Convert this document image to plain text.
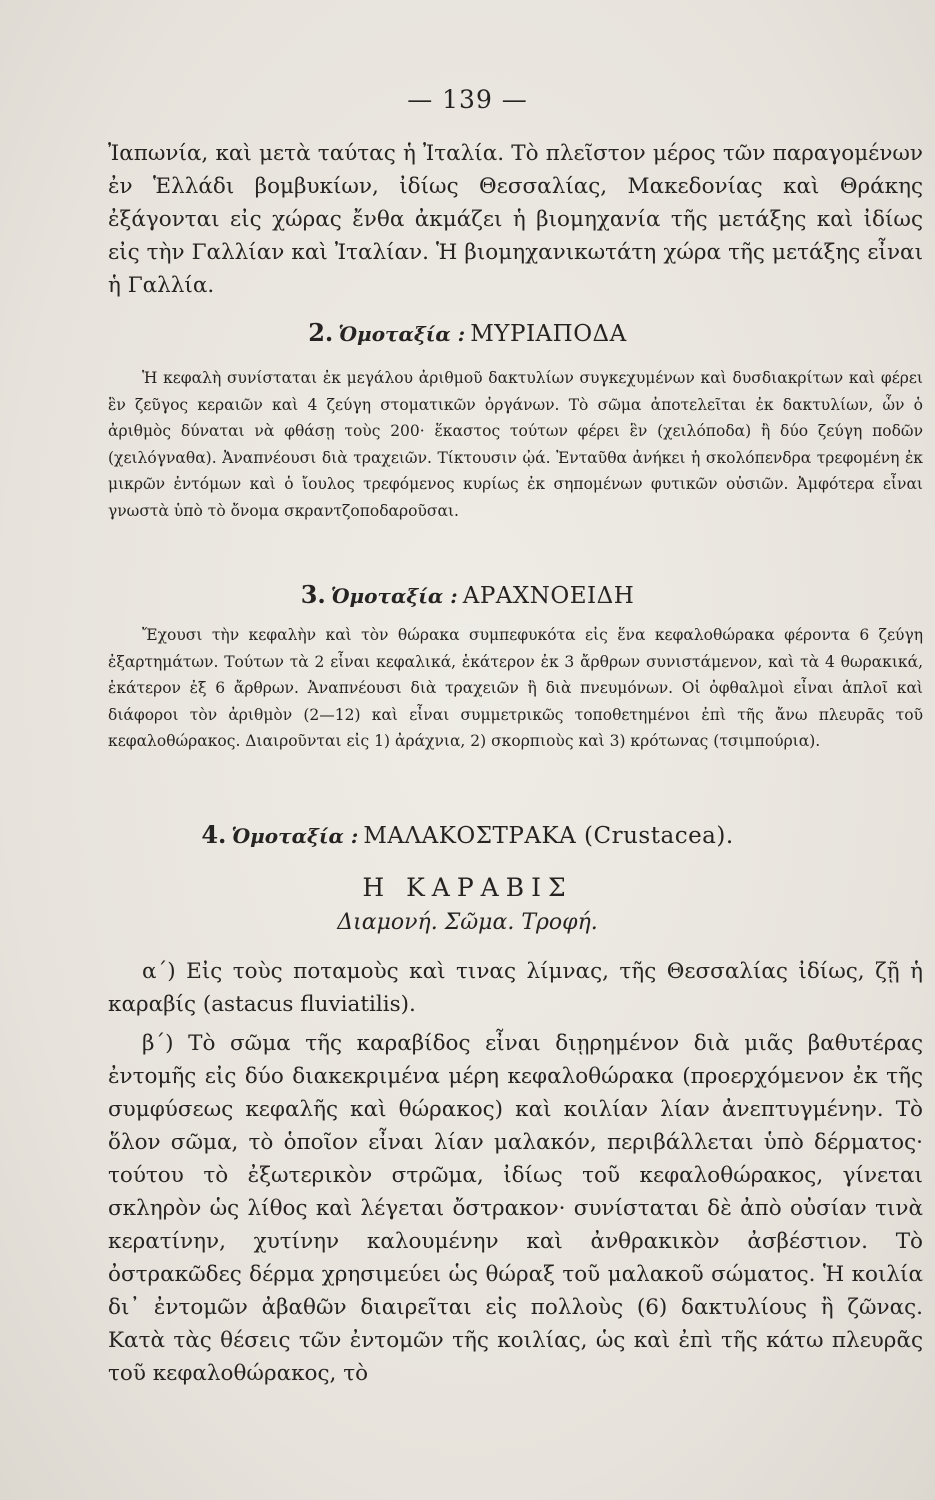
— 139 —

Ἰαπωνία, καὶ μετὰ ταύτας ἡ Ἰταλία. Τὸ πλεῖστον μέρος τῶν παραγομένων ἐν Ἑλλάδι βομβυκίων, ἰδίως Θεσσαλίας, Μακεδονίας καὶ Θράκης ἐξάγονται εἰς χώρας ἔνθα ἀκμάζει ἡ βιομηχανία τῆς μετάξης καὶ ἰδίως εἰς τὴν Γαλλίαν καὶ Ἰταλίαν. Ἡ βιομηχανικωτάτη χώρα τῆς μετάξης εἶναι ἡ Γαλλία.

2. Ὁμοταξία : ΜΥΡΙΑΠΟΔΑ

Ἡ κεφαλὴ συνίσταται ἐκ μεγάλου ἀριθμοῦ δακτυλίων συγκεχυμένων καὶ δυσδιακρίτων καὶ φέρει ἓν ζεῦγος κεραιῶν καὶ 4 ζεύγη στοματικῶν ὀργάνων. Τὸ σῶμα ἀποτελεῖται ἐκ δακτυλίων, ὧν ὁ ἀριθμὸς δύναται νὰ φθάσῃ τοὺς 200· ἕκαστος τούτων φέρει ἓν (χειλόποδα) ἢ δύο ζεύγη ποδῶν (χειλόγναθα). Ἀναπνέουσι διὰ τραχειῶν. Τίκτουσιν ᾠά. Ἐνταῦθα ἀνήκει ἡ σκολόπενδρα τρεφομένη ἐκ μικρῶν ἐντόμων καὶ ὁ ἴουλος τρεφόμενος κυρίως ἐκ σηπομένων φυτικῶν οὐσιῶν. Ἀμφότερα εἶναι γνωστὰ ὑπὸ τὸ ὄνομα σκραντζοποδαροῦσαι.

3. Ὁμοταξία : ΑΡΑΧΝΟΕΙΔΗ

Ἔχουσι τὴν κεφαλὴν καὶ τὸν θώρακα συμπεφυκότα εἰς ἕνα κεφαλοθώρακα φέροντα 6 ζεύγη ἐξαρτημάτων. Τούτων τὰ 2 εἶναι κεφαλικά, ἑκάτερον ἐκ 3 ἄρθρων συνιστάμενον, καὶ τὰ 4 θωρακικά, ἑκάτερον ἐξ 6 ἄρθρων. Ἀναπνέουσι διὰ τραχειῶν ἢ διὰ πνευμόνων. Οἱ ὀφθαλμοὶ εἶναι ἁπλοῖ καὶ διάφοροι τὸν ἀριθμὸν (2—12) καὶ εἶναι συμμετρικῶς τοποθετημένοι ἐπὶ τῆς ἄνω πλευρᾶς τοῦ κεφαλοθώρακος. Διαιροῦνται εἰς 1) ἀράχνια, 2) σκορπιοὺς καὶ 3) κρότωνας (τσιμπούρια).

4. Ὁμοταξία : ΜΑΛΑΚΟΣΤΡΑΚΑ (Crustacea).
Η ΚΑΡΑΒΙΣ
Διαμονή. Σῶμα. Τροφή.

α΄) Εἰς τοὺς ποταμοὺς καὶ τινας λίμνας, τῆς Θεσσαλίας ἰδίως, ζῇ ἡ καραβίς (astacus fluviatilis).

β΄) Τὸ σῶμα τῆς καραβίδος εἶναι διῃρημένον διὰ μιᾶς βαθυτέρας ἐντομῆς εἰς δύο διακεκριμένα μέρη κεφαλοθώρακα (προερχόμενον ἐκ τῆς συμφύσεως κεφαλῆς καὶ θώρακος) καὶ κοιλίαν λίαν ἀνεπτυγμένην. Τὸ ὅλον σῶμα, τὸ ὁποῖον εἶναι λίαν μαλακόν, περιβάλλεται ὑπὸ δέρματος· τούτου τὸ ἐξωτερικὸν στρῶμα, ἰδίως τοῦ κεφαλοθώρακος, γίνεται σκληρὸν ὡς λίθος καὶ λέγεται ὄστρακον· συνίσταται δὲ ἀπὸ οὐσίαν τινὰ κερατίνην, χυτίνην καλουμένην καὶ ἀνθρακικὸν ἀσβέστιον. Τὸ ὀστρακῶδες δέρμα χρησιμεύει ὡς θώραξ τοῦ μαλακοῦ σώματος. Ἡ κοιλία δι᾽ ἐντομῶν ἀβαθῶν διαιρεῖται εἰς πολλοὺς (6) δακτυλίους ἢ ζῶνας. Κατὰ τὰς θέσεις τῶν ἐντομῶν τῆς κοιλίας, ὡς καὶ ἐπὶ τῆς κάτω πλευρᾶς τοῦ κεφαλοθώρακος, τὸ
